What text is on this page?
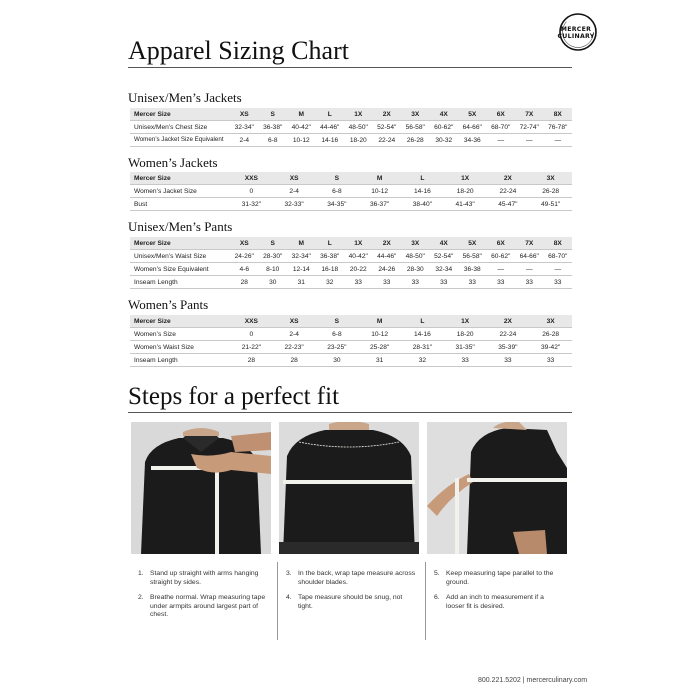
MERCER
CULINARY
Apparel Sizing Chart
Unisex/Men’s Jackets
Mercer Size	XS	S	M	L	1X	2X	3X	4X	5X	6X	7X	8X
Unisex/Men’s Chest Size	32-34"	36-38"	40-42"	44-46"	48-50"	52-54"	56-58"	60-62"	64-66"	68-70"	72-74"	76-78"
Women’s Jacket Size Equivalent	2-4	6-8	10-12	14-16	18-20	22-24	26-28	30-32	34-36	—	—	—
Women’s Jackets
Mercer Size	XXS	XS	S	M	L	1X	2X	3X
Women’s Jacket Size	0	2-4	6-8	10-12	14-16	18-20	22-24	26-28
Bust	31-32"	32-33"	34-35"	36-37"	38-40"	41-43"	45-47"	49-51"
Unisex/Men’s Pants
Mercer Size	XS	S	M	L	1X	2X	3X	4X	5X	6X	7X	8X
Unisex/Men’s Waist Size	24-26"	28-30"	32-34"	36-38"	40-42"	44-46"	48-50"	52-54"	56-58"	60-62"	64-66"	68-70"
Women’s Size Equivalent	4-6	8-10	12-14	16-18	20-22	24-26	28-30	32-34	36-38	—	—	—
Inseam Length	28	30	31	32	33	33	33	33	33	33	33	33
Women’s Pants
Mercer Size	XXS	XS	S	M	L	1X	2X	3X
Women’s Size	0	2-4	6-8	10-12	14-16	18-20	22-24	26-28
Women’s Waist Size	21-22"	22-23"	23-25"	25-28"	28-31"	31-35"	35-39"	39-42"
Inseam Length	28	28	30	31	32	33	33	33
Steps for a perfect fit
1. Stand up straight with arms hanging straight by sides.
2. Breathe normal. Wrap measuring tape under armpits around largest part of chest.
3. In the back, wrap tape measure across shoulder blades.
4. Tape measure should be snug, not tight.
5. Keep measuring tape parallel to the ground.
6. Add an inch to measurement if a looser fit is desired.
800.221.5202 | mercerculinary.com
